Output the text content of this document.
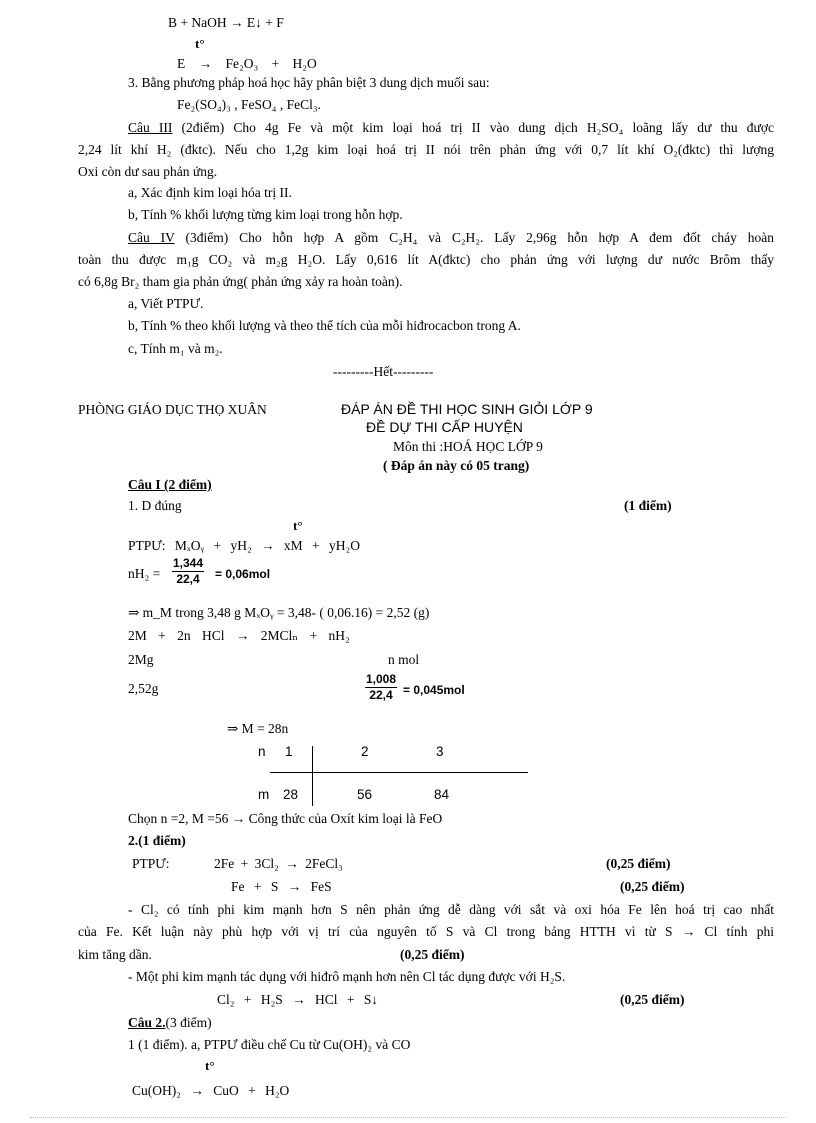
B + NaOH → E↓ + F
t°
E → Fe₂O₃ + H₂O
3. Bằng phương pháp hoá học hãy phân biệt 3 dung dịch muối sau:
Fe₂(SO₄)₃ , FeSO₄ , FeCl₃.
Câu III (2điểm) Cho 4g Fe và một kim loại hoá trị II vào dung dịch H₂SO₄ loãng lấy dư thu được
2,24 lít khí H₂ (đktc). Nếu cho 1,2g kim loại hoá trị II nói trên phản ứng với 0,7 lít khí O₂(đktc) thì lượng
Oxi còn dư sau phản ứng.
a, Xác định kim loại hóa trị II.
b, Tính % khối lượng từng kim loại trong hỗn hợp.
Câu IV (3điểm) Cho hỗn hợp A gồm C₂H₄ và C₂H₂. Lấy 2,96g hỗn hợp A đem đốt cháy hoàn
toàn thu được m₁g CO₂ và m₂g H₂O. Lấy 0,616 lít A(đktc) cho phản ứng với lượng dư nước Brôm thấy
có 6,8g Br₂ tham gia phản ứng( phản ứng xảy ra hoàn toàn).
a, Viết PTPƯ.
b, Tính % theo khối lượng và theo thể tích của mỗi hiđrocacbon trong A.
c, Tính m₁ và m₂.
---------Hết---------
PHÒNG GIÁO DỤC THỌ XUÂN	ĐÁP ÁN ĐỀ THI HỌC SINH GIỎI LỚP 9
ĐỀ DỰ THI CẤP HUYỆN
Môn thi :HOÁ HỌC LỚP 9
( Đáp án này có 05 trang)
Câu I (2 điểm)
1. D đúng	(1 điểm)
t°
PTPƯ: MₓOᵧ + yH₂ → xM + yH₂O
$nH_2 = \frac{1,344}{22,4} = 0,06mol$
⇒ m_M trong 3,48 g MₓOᵧ = 3,48- ( 0,06.16) = 2,52 (g)
2M + 2n HCl → 2MClₙ + nH₂
2Mg	n mol
2,52g	$\frac{1,008}{22,4} = 0,045mol$
⇒ M = 28n
n 1	2	3
m 28	56	84
Chọn n =2, M =56 → Công thức của Oxít kim loại là FeO
2.(1 điểm)
PTPƯ:	2Fe + 3Cl₂ → 2FeCl₃	(0,25 điểm)
Fe + S → FeS	(0,25 điểm)
- Cl₂ có tính phi kim mạnh hơn S nên phản ứng dễ dàng với sắt và oxi hóa Fe lên hoá trị cao nhất
của Fe. Kết luận này phù hợp với vị trí của nguyên tố S và Cl trong bảng HTTH vì từ S → Cl tính phi
kim tăng dần.	(0,25 điểm)
- Một phi kim mạnh tác dụng với hiđrô mạnh hơn nên Cl tác dụng được với H₂S.
Cl₂ + H₂S → HCl + S↓	(0,25 điểm)
Câu 2.(3 điểm)
1 (1 điểm). a, PTPƯ điều chế Cu từ Cu(OH)₂ và CO
t°
Cu(OH)₂ → CuO + H₂O
